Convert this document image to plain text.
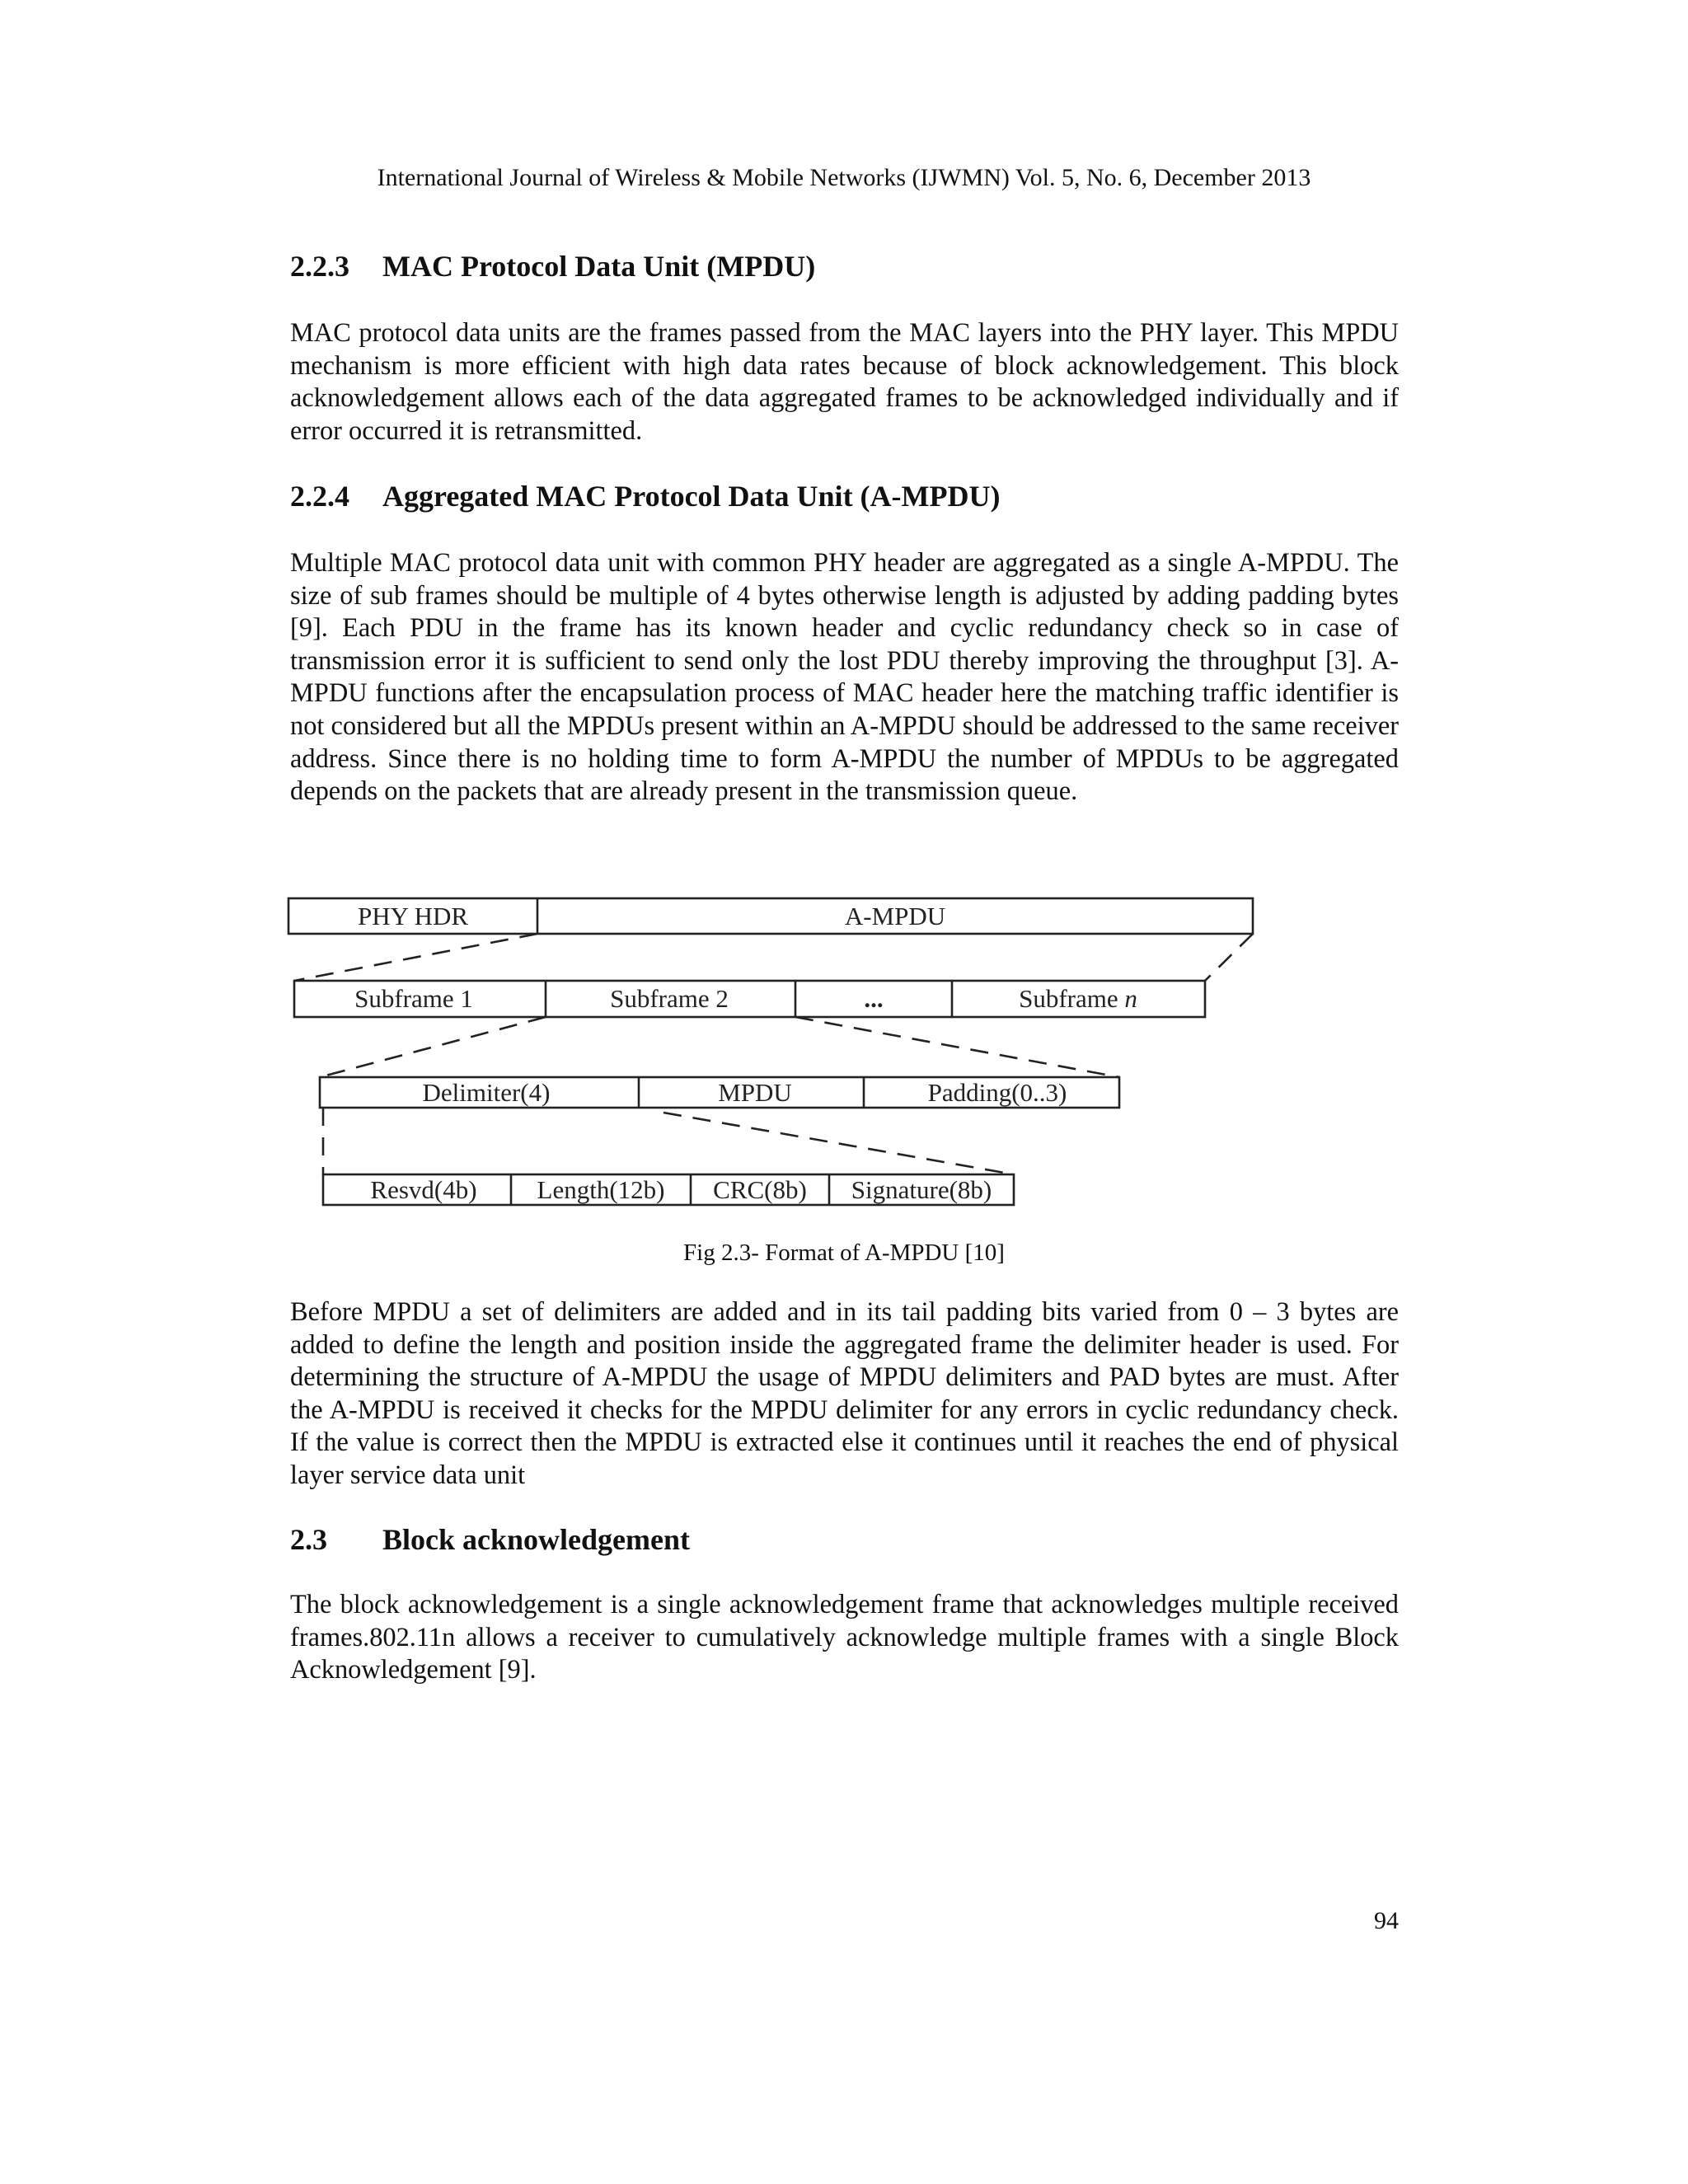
International Journal of Wireless & Mobile Networks (IJWMN) Vol. 5, No. 6, December 2013
2.2.3 MAC Protocol Data Unit (MPDU)

MAC protocol data units are the frames passed from the MAC layers into the PHY layer. This MPDU mechanism is more efficient with high data rates because of block acknowledgement. This block acknowledgement allows each of the data aggregated frames to be acknowledged individually and if error occurred it is retransmitted.

2.2.4 Aggregated MAC Protocol Data Unit (A-MPDU)

Multiple MAC protocol data unit with common PHY header are aggregated as a single A-MPDU. The size of sub frames should be multiple of 4 bytes otherwise length is adjusted by adding padding bytes [9]. Each PDU in the frame has its known header and cyclic redundancy check so in case of transmission error it is sufficient to send only the lost PDU thereby improving the throughput [3]. A-MPDU functions after the encapsulation process of MAC header here the matching traffic identifier is not considered but all the MPDUs present within an A-MPDU should be addressed to the same receiver address. Since there is no holding time to form A-MPDU the number of MPDUs to be aggregated depends on the packets that are already present in the transmission queue.

PHY HDR	A-MPDU
Subframe 1	Subframe 2	...	Subframe n
Delimiter(4)	MPDU	Padding(0..3)
Resvd(4b) Length(12b) CRC(8b) Signature(8b)
Fig 2.3- Format of A-MPDU [10]

Before MPDU a set of delimiters are added and in its tail padding bits varied from 0 – 3 bytes are added to define the length and position inside the aggregated frame the delimiter header is used. For determining the structure of A-MPDU the usage of MPDU delimiters and PAD bytes are must. After the A-MPDU is received it checks for the MPDU delimiter for any errors in cyclic redundancy check. If the value is correct then the MPDU is extracted else it continues until it reaches the end of physical layer service data unit

2.3 Block acknowledgement

The block acknowledgement is a single acknowledgement frame that acknowledges multiple received frames.802.11n allows a receiver to cumulatively acknowledge multiple frames with a single Block Acknowledgement [9].

94
